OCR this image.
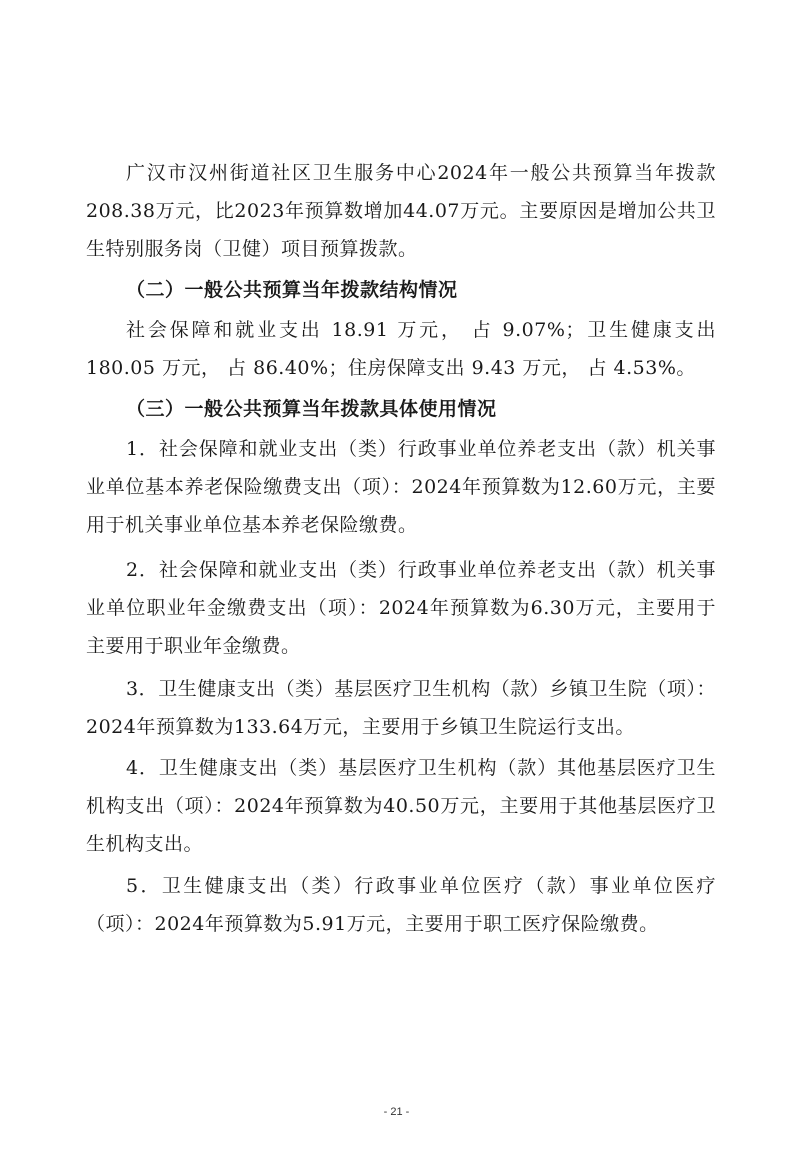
广汉市汉州街道社区卫生服务中心2024年一般公共预算当年拨款208.38万元，比2023年预算数增加44.07万元。主要原因是增加公共卫生特别服务岗（卫健）项目预算拨款。
（二）一般公共预算当年拨款结构情况
社会保障和就业支出 18.91 万元， 占 9.07%；卫生健康支出180.05 万元， 占 86.40%；住房保障支出 9.43 万元， 占 4.53%。
（三）一般公共预算当年拨款具体使用情况
1．社会保障和就业支出（类）行政事业单位养老支出（款）机关事业单位基本养老保险缴费支出（项）：2024年预算数为12.60万元，主要用于机关事业单位基本养老保险缴费。
2．社会保障和就业支出（类）行政事业单位养老支出（款）机关事业单位职业年金缴费支出（项）：2024年预算数为6.30万元，主要用于主要用于职业年金缴费。
3．卫生健康支出（类）基层医疗卫生机构（款）乡镇卫生院（项）：2024年预算数为133.64万元，主要用于乡镇卫生院运行支出。
4．卫生健康支出（类）基层医疗卫生机构（款）其他基层医疗卫生机构支出（项）：2024年预算数为40.50万元，主要用于其他基层医疗卫生机构支出。
5．卫生健康支出（类）行政事业单位医疗（款）事业单位医疗（项）：2024年预算数为5.91万元，主要用于职工医疗保险缴费。
- 21 -
